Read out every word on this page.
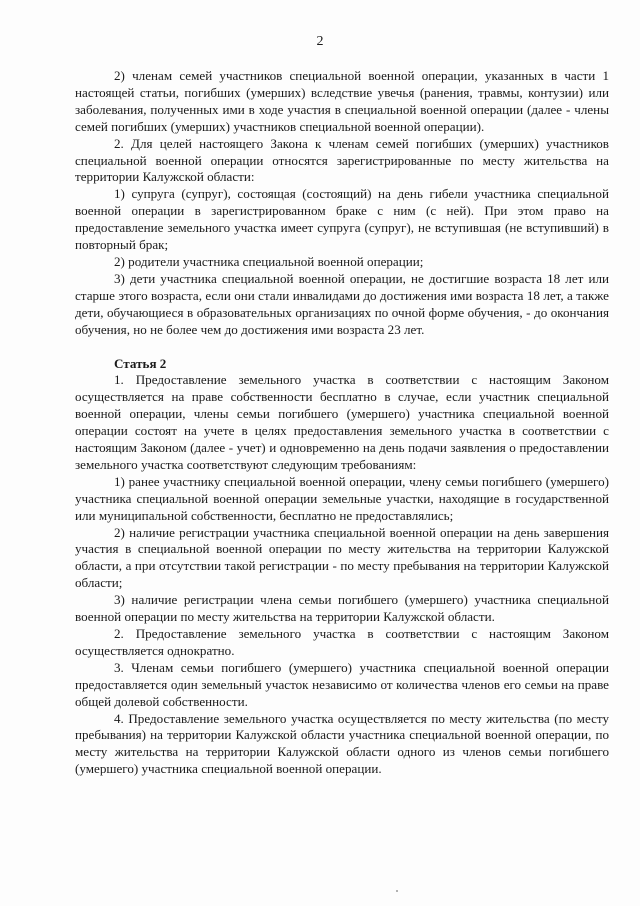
2

2) членам семей участников специальной военной операции, указанных в части 1 настоящей статьи, погибших (умерших) вследствие увечья (ранения, травмы, контузии) или заболевания, полученных ими в ходе участия в специальной военной операции (далее - члены семей погибших (умерших) участников специальной военной операции).

2. Для целей настоящего Закона к членам семей погибших (умерших) участников специальной военной операции относятся зарегистрированные по месту жительства на территории Калужской области:

1) супруга (супруг), состоящая (состоящий) на день гибели участника специальной военной операции в зарегистрированном браке с ним (с ней). При этом право на предоставление земельного участка имеет супруга (супруг), не вступившая (не вступивший) в повторный брак;

2) родители участника специальной военной операции;

3) дети участника специальной военной операции, не достигшие возраста 18 лет или старше этого возраста, если они стали инвалидами до достижения ими возраста 18 лет, а также дети, обучающиеся в образовательных организациях по очной форме обучения, - до окончания обучения, но не более чем до достижения ими возраста 23 лет.

Статья 2

1. Предоставление земельного участка в соответствии с настоящим Законом осуществляется на праве собственности бесплатно в случае, если участник специальной военной операции, члены семьи погибшего (умершего) участника специальной военной операции состоят на учете в целях предоставления земельного участка в соответствии с настоящим Законом (далее - учет) и одновременно на день подачи заявления о предоставлении земельного участка соответствуют следующим требованиям:

1) ранее участнику специальной военной операции, члену семьи погибшего (умершего) участника специальной военной операции земельные участки, находящие в государственной или муниципальной собственности, бесплатно не предоставлялись;

2) наличие регистрации участника специальной военной операции на день завершения участия в специальной военной операции по месту жительства на территории Калужской области, а при отсутствии такой регистрации - по месту пребывания на территории Калужской области;

3) наличие регистрации члена семьи погибшего (умершего) участника специальной военной операции по месту жительства на территории Калужской области.

2. Предоставление земельного участка в соответствии с настоящим Законом осуществляется однократно.

3. Членам семьи погибшего (умершего) участника специальной военной операции предоставляется один земельный участок независимо от количества членов его семьи на праве общей долевой собственности.

4. Предоставление земельного участка осуществляется по месту жительства (по месту пребывания) на территории Калужской области участника специальной военной операции, по месту жительства на территории Калужской области одного из членов семьи погибшего (умершего) участника специальной военной операции.
